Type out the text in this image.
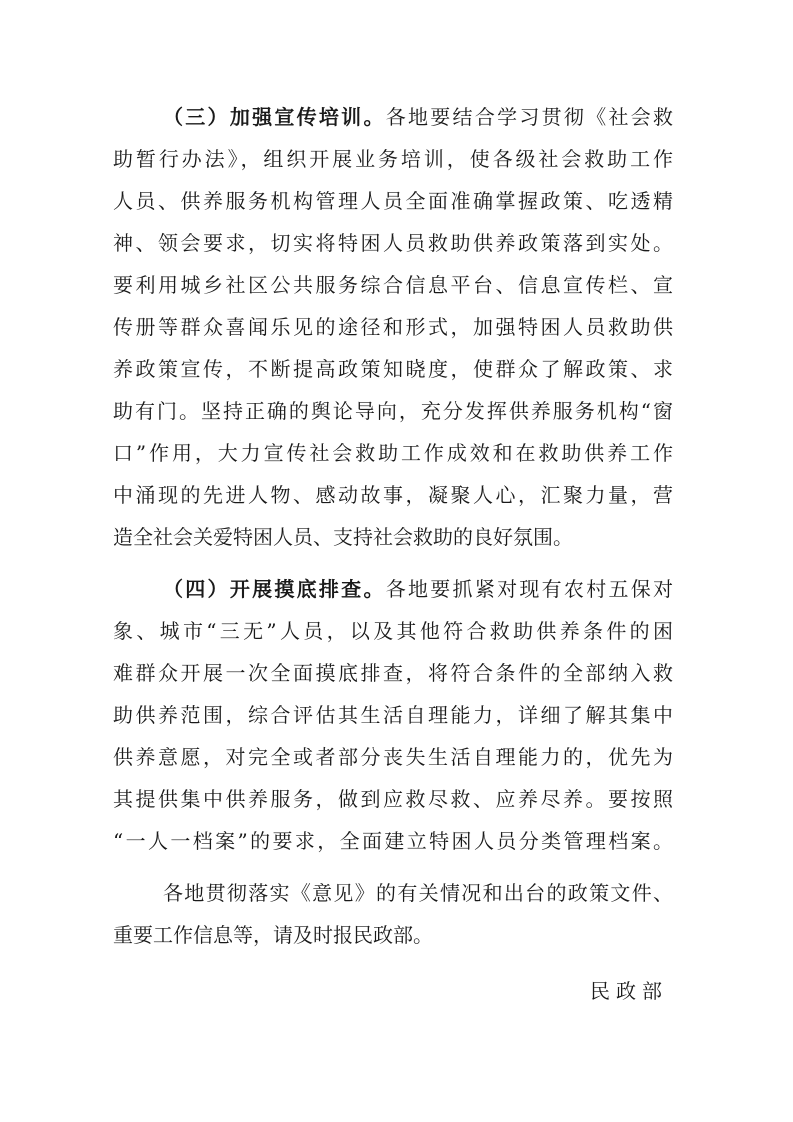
（三）加强宣传培训。各地要结合学习贯彻《社会救
助暂行办法》，组织开展业务培训，使各级社会救助工作
人员、供养服务机构管理人员全面准确掌握政策、吃透精
神、领会要求，切实将特困人员救助供养政策落到实处。
要利用城乡社区公共服务综合信息平台、信息宣传栏、宣
传册等群众喜闻乐见的途径和形式，加强特困人员救助供
养政策宣传，不断提高政策知晓度，使群众了解政策、求
助有门。坚持正确的舆论导向，充分发挥供养服务机构“窗
口”作用，大力宣传社会救助工作成效和在救助供养工作
中涌现的先进人物、感动故事，凝聚人心，汇聚力量，营
造全社会关爱特困人员、支持社会救助的良好氛围。
（四）开展摸底排查。各地要抓紧对现有农村五保对
象、城市“三无”人员，以及其他符合救助供养条件的困
难群众开展一次全面摸底排查，将符合条件的全部纳入救
助供养范围，综合评估其生活自理能力，详细了解其集中
供养意愿，对完全或者部分丧失生活自理能力的，优先为
其提供集中供养服务，做到应救尽救、应养尽养。要按照
“一人一档案”的要求，全面建立特困人员分类管理档案。
各地贯彻落实《意见》的有关情况和出台的政策文件、
重要工作信息等，请及时报民政部。
民政部
